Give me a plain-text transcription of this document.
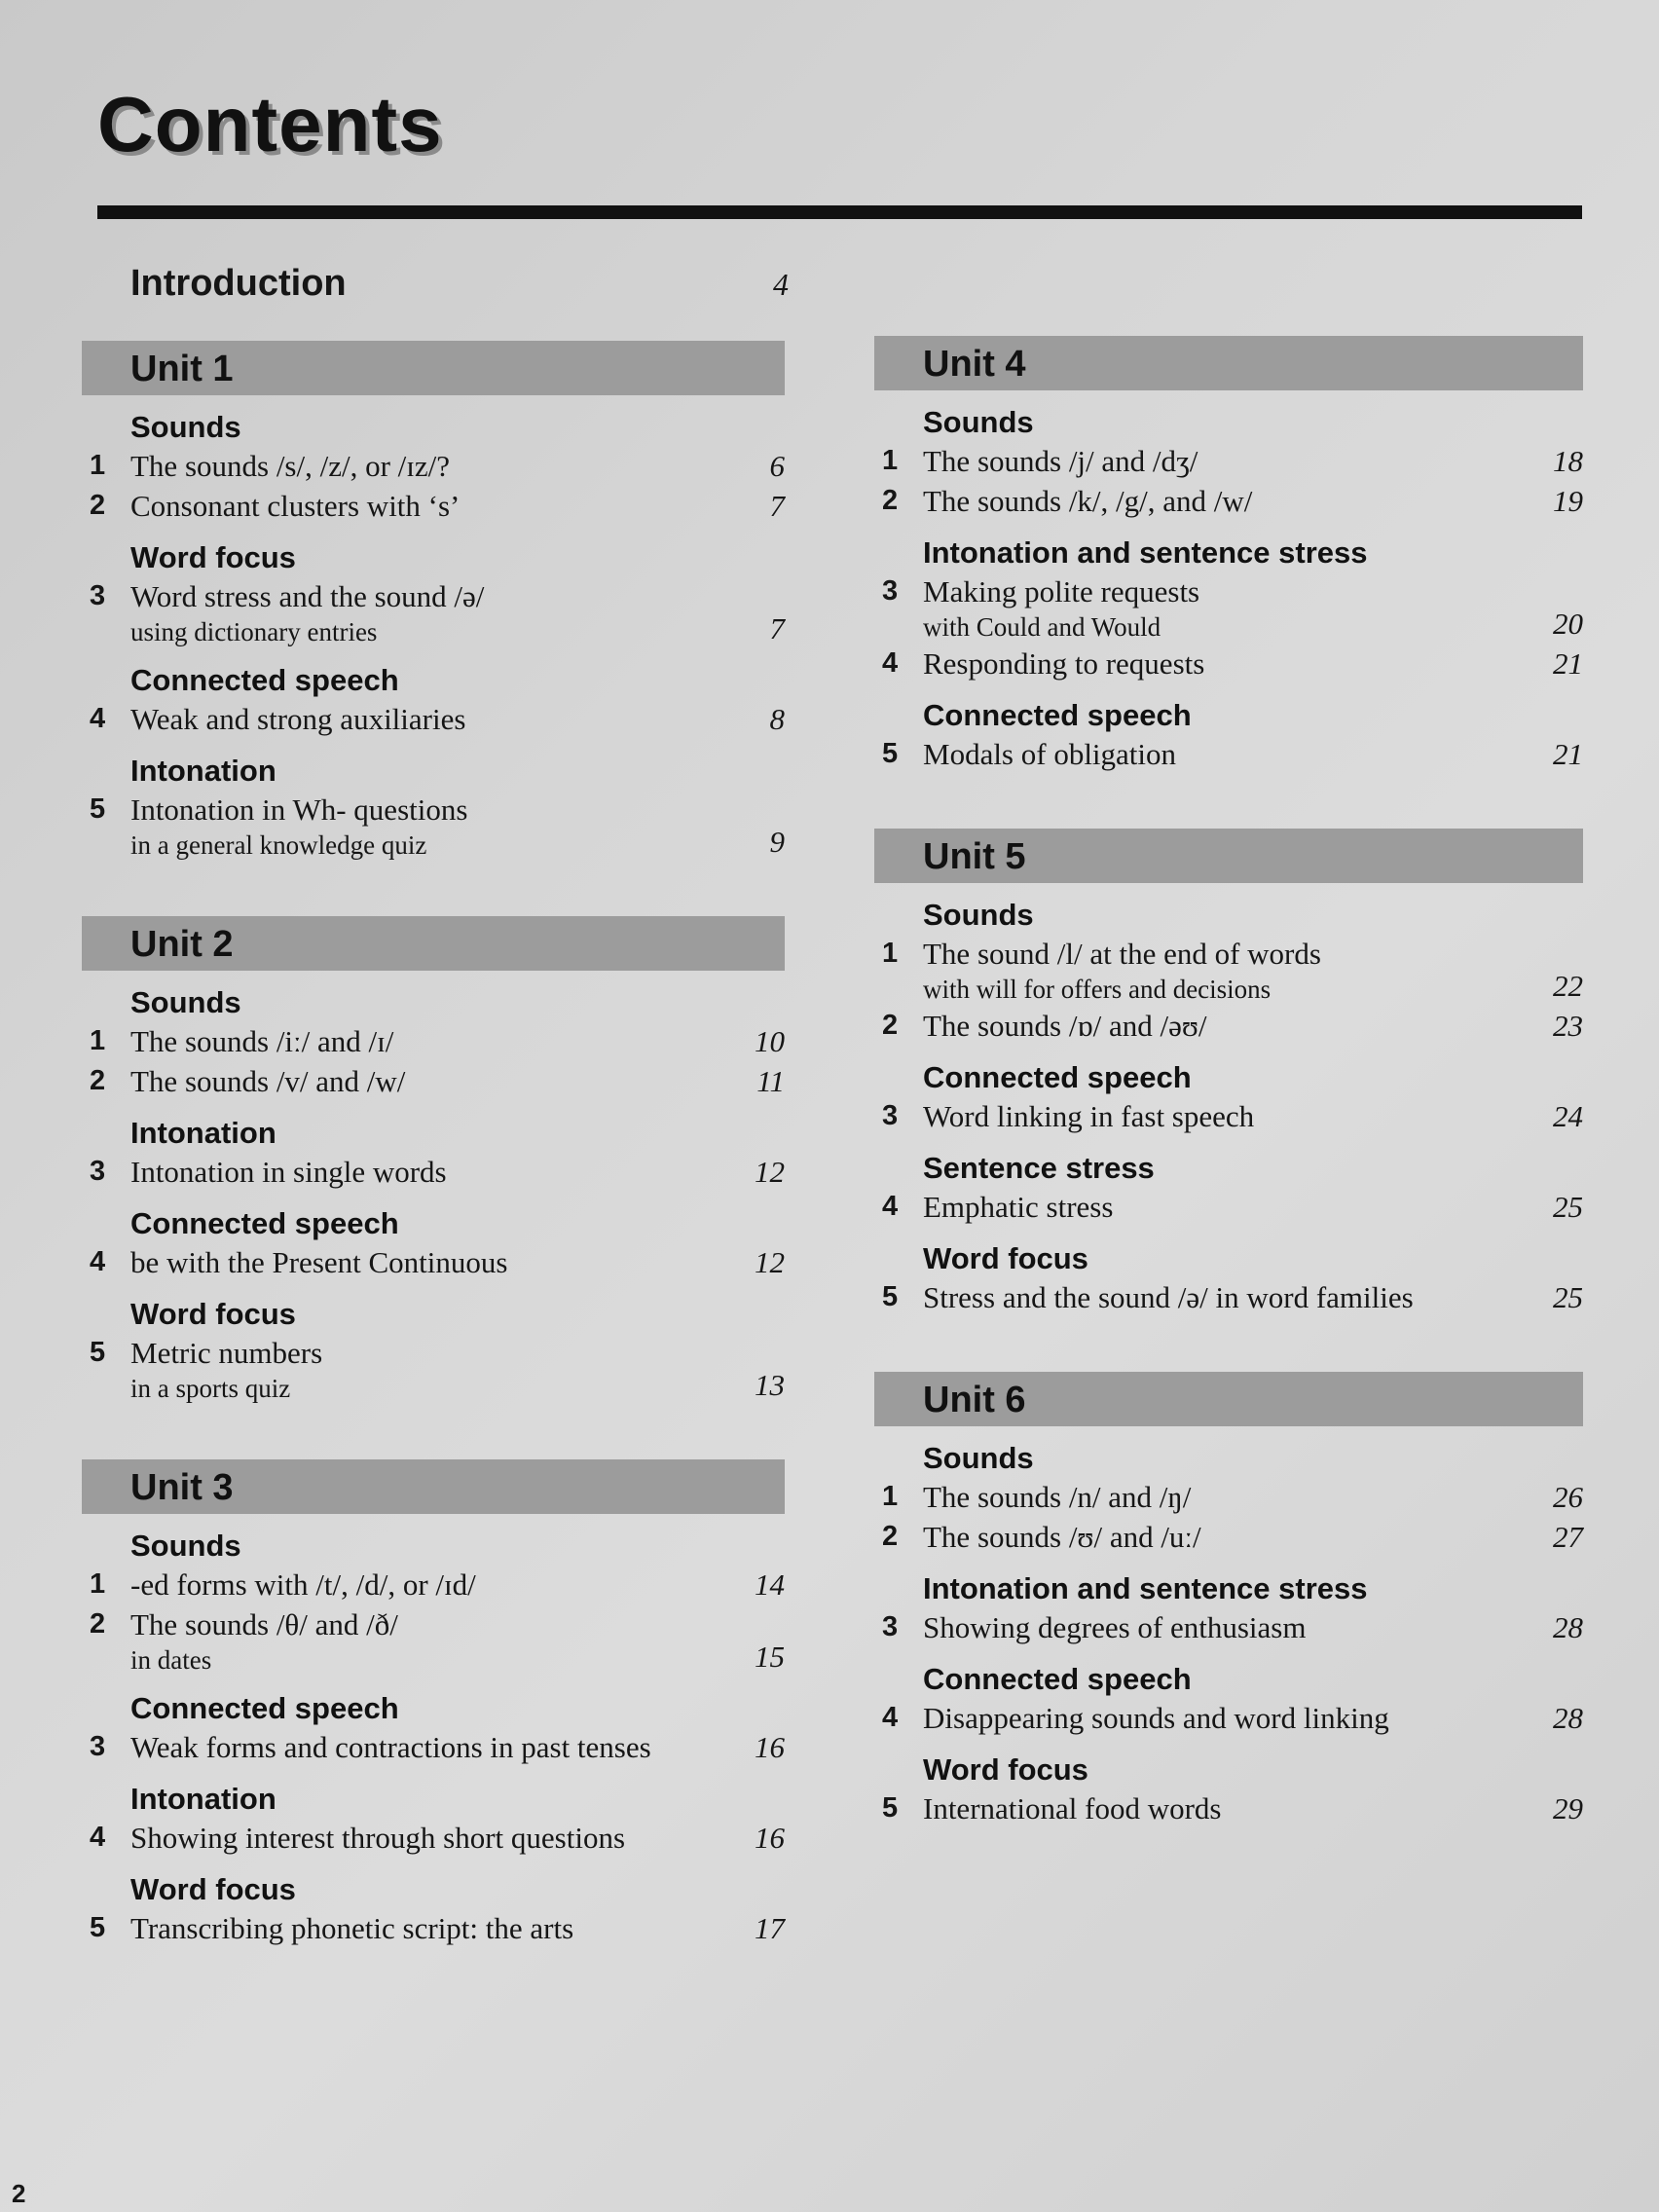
Contents
Introduction	4
Unit 1
Sounds
1 The sounds /s/, /z/, or /ɪz/?	6
2 Consonant clusters with ‘s’	7
Word focus
3 Word stress and the sound /ə/
using dictionary entries	7
Connected speech
4 Weak and strong auxiliaries	8
Intonation
5 Intonation in Wh- questions
in a general knowledge quiz	9
Unit 2
Sounds
1 The sounds /iː/ and /ɪ/	10
2 The sounds /v/ and /w/	11
Intonation
3 Intonation in single words	12
Connected speech
4 be with the Present Continuous	12
Word focus
5 Metric numbers
in a sports quiz	13
Unit 3
Sounds
1 -ed forms with /t/, /d/, or /ɪd/	14
2 The sounds /θ/ and /ð/
in dates	15
Connected speech
3 Weak forms and contractions in past tenses	16
Intonation
4 Showing interest through short questions	16
Word focus
5 Transcribing phonetic script: the arts	17
Unit 4
Sounds
1 The sounds /j/ and /dʒ/	18
2 The sounds /k/, /g/, and /w/	19
Intonation and sentence stress
3 Making polite requests
with Could and Would	20
4 Responding to requests	21
Connected speech
5 Modals of obligation	21
Unit 5
Sounds
1 The sound /l/ at the end of words
with will for offers and decisions	22
2 The sounds /ɒ/ and /əʊ/	23
Connected speech
3 Word linking in fast speech	24
Sentence stress
4 Emphatic stress	25
Word focus
5 Stress and the sound /ə/ in word families	25
Unit 6
Sounds
1 The sounds /n/ and /ŋ/	26
2 The sounds /ʊ/ and /uː/	27
Intonation and sentence stress
3 Showing degrees of enthusiasm	28
Connected speech
4 Disappearing sounds and word linking	28
Word focus
5 International food words	29
2
